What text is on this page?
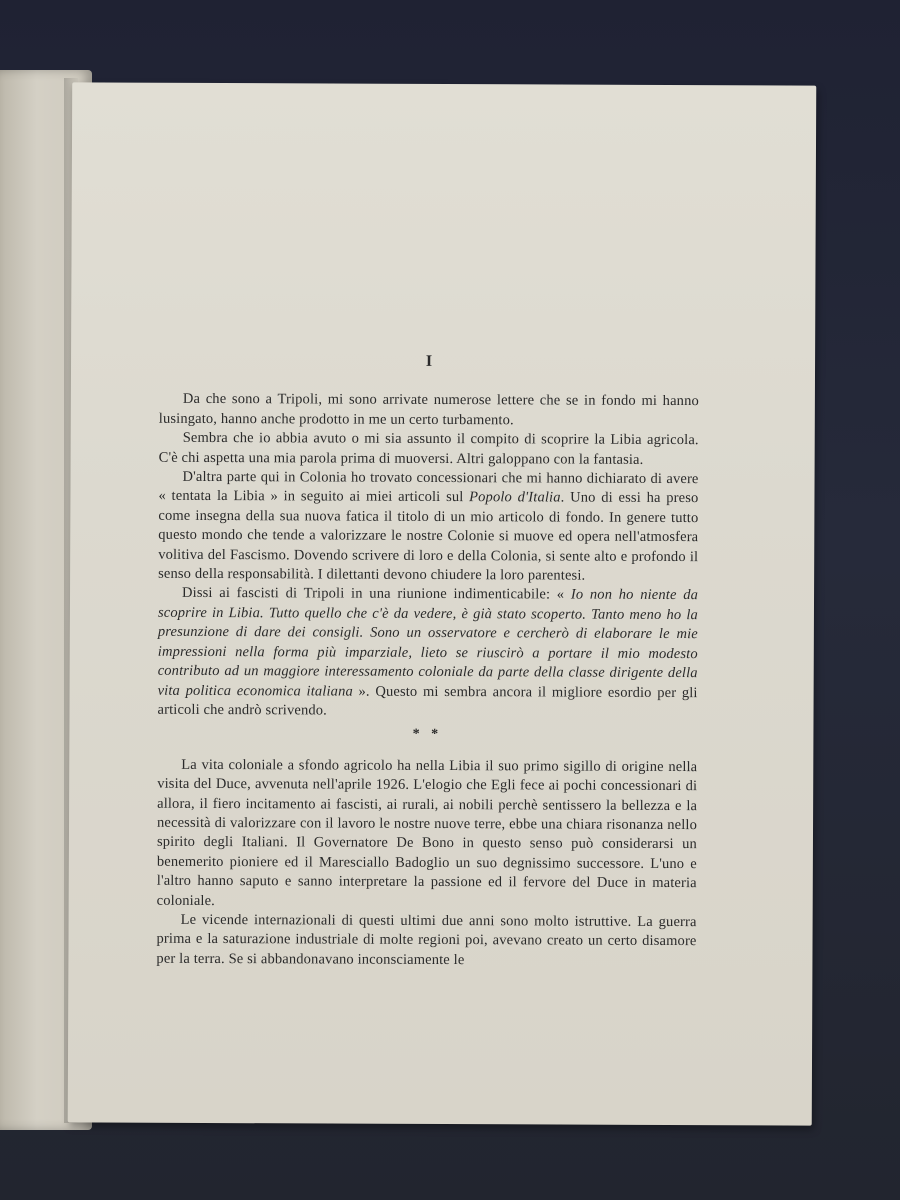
I

Da che sono a Tripoli, mi sono arrivate numerose lettere che se in fondo mi hanno lusingato, hanno anche prodotto in me un certo turbamento.

Sembra che io abbia avuto o mi sia assunto il compito di scoprire la Libia agricola. C'è chi aspetta una mia parola prima di muoversi. Altri galoppano con la fantasia.

D'altra parte qui in Colonia ho trovato concessionari che mi hanno dichiarato di avere « tentata la Libia » in seguito ai miei articoli sul Popolo d'Italia. Uno di essi ha preso come insegna della sua nuova fatica il titolo di un mio articolo di fondo. In genere tutto questo mondo che tende a valorizzare le nostre Colonie si muove ed opera nell'atmosfera volitiva del Fascismo. Dovendo scrivere di loro e della Colonia, si sente alto e profondo il senso della responsabilità. I dilettanti devono chiudere la loro parentesi.

Dissi ai fascisti di Tripoli in una riunione indimenticabile: « Io non ho niente da scoprire in Libia. Tutto quello che c'è da vedere, è già stato scoperto. Tanto meno ho la presunzione di dare dei consigli. Sono un osservatore e cercherò di elaborare le mie impressioni nella forma più imparziale, lieto se riuscirò a portare il mio modesto contributo ad un maggiore interessamento coloniale da parte della classe dirigente della vita politica economica italiana ». Questo mi sembra ancora il migliore esordio per gli articoli che andrò scrivendo.

* *

La vita coloniale a sfondo agricolo ha nella Libia il suo primo sigillo di origine nella visita del Duce, avvenuta nell'aprile 1926. L'elogio che Egli fece ai pochi concessionari di allora, il fiero incitamento ai fascisti, ai rurali, ai nobili perchè sentissero la bellezza e la necessità di valorizzare con il lavoro le nostre nuove terre, ebbe una chiara risonanza nello spirito degli Italiani. Il Governatore De Bono in questo senso può considerarsi un benemerito pioniere ed il Maresciallo Badoglio un suo degnissimo successore. L'uno e l'altro hanno saputo e sanno interpretare la passione ed il fervore del Duce in materia coloniale.

Le vicende internazionali di questi ultimi due anni sono molto istruttive. La guerra prima e la saturazione industriale di molte regioni poi, avevano creato un certo disamore per la terra. Se si abbandonavano inconsciamente le
